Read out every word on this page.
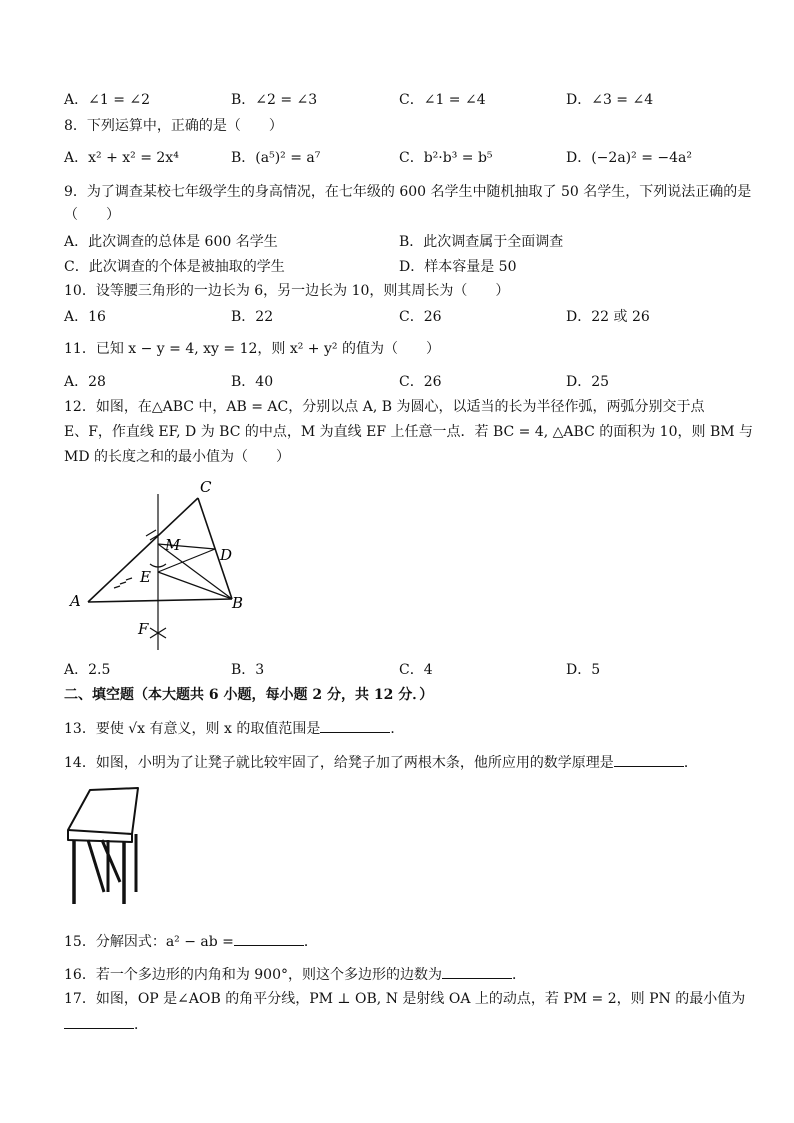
A．∠1 = ∠2	B．∠2 = ∠3	C．∠1 = ∠4	D．∠3 = ∠4
8．下列运算中，正确的是（　　）
A．x² + x² = 2x⁴	B．(a⁵)² = a⁷	C．b²·b³ = b⁵	D．(−2a)² = −4a²
9．为了调查某校七年级学生的身高情况，在七年级的 600 名学生中随机抽取了 50 名学生，下列说法正确的是
（　　）
A．此次调查的总体是 600 名学生	B．此次调查属于全面调查
C．此次调查的个体是被抽取的学生	D．样本容量是 50
10．设等腰三角形的一边长为 6，另一边长为 10，则其周长为（　　）
A．16	B．22	C．26	D．22 或 26
11．已知 x − y = 4, xy = 12，则 x² + y² 的值为（　　）
A．28	B．40	C．26	D．25
12．如图，在△ABC 中，AB = AC，分别以点 A, B 为圆心，以适当的长为半径作弧，两弧分别交于点
E、F，作直线 EF, D 为 BC 的中点，M 为直线 EF 上任意一点．若 BC = 4, △ABC 的面积为 10，则 BM 与
MD 的长度之和的最小值为（　　）
C
M
D
E
A	B
F
A．2.5	B．3	C．4	D．5
二、填空题（本大题共 6 小题，每小题 2 分，共 12 分．）
13．要使 √x 有意义，则 x 的取值范围是	．
14．如图，小明为了让凳子就比较牢固了，给凳子加了两根木条，他所应用的数学原理是	．
15．分解因式：a² − ab =	．
16．若一个多边形的内角和为 900°，则这个多边形的边数为	．
17．如图，OP 是∠AOB 的角平分线，PM ⊥ OB, N 是射线 OA 上的动点，若 PM = 2，则 PN 的最小值为
．
